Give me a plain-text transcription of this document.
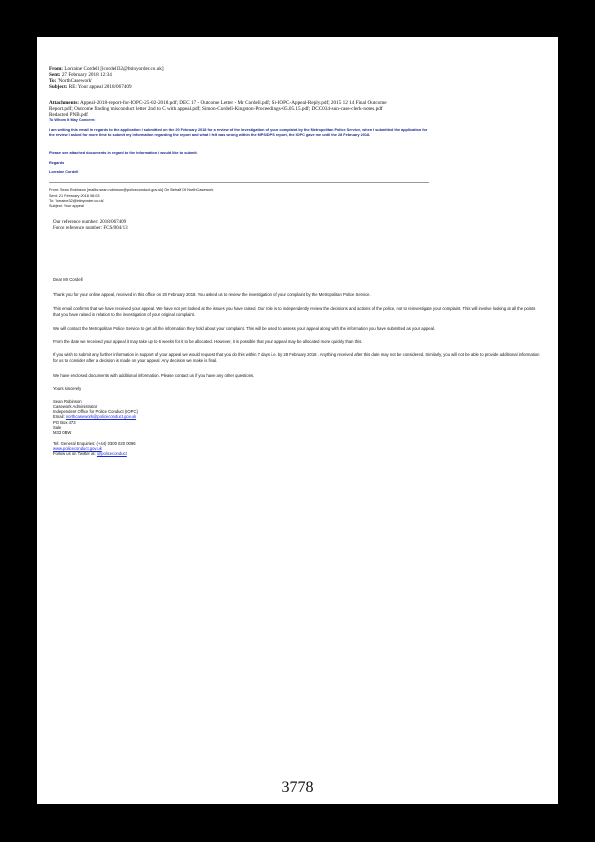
From: Lorraine Cordell [lcordell32@btinyorder.co.uk]
Sent: 27 February 2018 12:34
To: 'NorthCasework'
Subject: RE: Your appeal 2018/067409
Attachments: Appeal-2018-report-for-IOPC-25-02-2018.pdf; DEC 17 - Outcome Letter - Mr Cordell.pdf; Si-IOPC-Appeal-Reply.pdf; 2015 12 14 Final Outcome
Report.pdf; Outcome finding misconduct letter 2nd to C with appeal.pdf; Simon-Cordell-Kingston-Proceedings-05.05.15.pdf; DCC034-sun-case-clerk-notes.pdf
Redacted PNB.pdf
To Whom It May Concern:
I am writing this email in regards to the application I submitted on the 20 February 2018 for a review of the investigation of your complaint by the Metropolitan Police Service, when I submitted the application for the review I asked for more time to submit my information regarding the report and what I felt was wrong within the MPS/DPS report, the IOPC gave me until the 28 February 2018.
Please see attached documents in regard to the information i would like to submit.
Regards
Lorraine Cordell
From: Sean Robinson [mailto:sean.robinson@policeconduct.gov.uk] On Behalf Of NorthCasework
Sent: 21 February 2018 08:03
To: 'lorraine32@btinyorder.co.uk'
Subject: Your appeal
Our reference number: 2018/067409
Force reference number: FCS/004/13
Dear Mr Cordell
Thank you for your online appeal, received in this office on 20 February 2018. You asked us to review the investigation of your complaint by the Metropolitan Police Service.
This email confirms that we have received your appeal. We have not yet looked at the issues you have raised. Our role is to independently review the decisions and actions of the police, not to reinvestigate your complaint. This will involve looking at all the points that you have raised in relation to the investigation of your original complaint.
We will contact the Metropolitan Police Service to get all the information they hold about your complaint. This will be used to assess your appeal along with the information you have submitted as your appeal.
From the date we received your appeal it may take up to 6 weeks for it to be allocated. However, it is possible that your appeal may be allocated more quickly than this.
If you wish to submit any further information in support of your appeal we would request that you do this within 7 days i.e. by 28 February 2018 . Anything received after this date may not be considered. Similarly, you will not be able to provide additional information for us to consider after a decision is made on your appeal. Any decision we make is final.
We have enclosed documents with additional information. Please contact us if you have any other questions.
Yours sincerely
Sean Robinson
Casework Administrator
Independent Office for Police Conduct (IOPC)
Email: northcasework@policeconduct.gov.uk
PO Box 473
Sale
M33 0BW
Tel: General Enquiries: (+44) 0300 020 0096
www.policeconduct.gov.uk
Follow us on Twitter at: @policeconduct
3778
